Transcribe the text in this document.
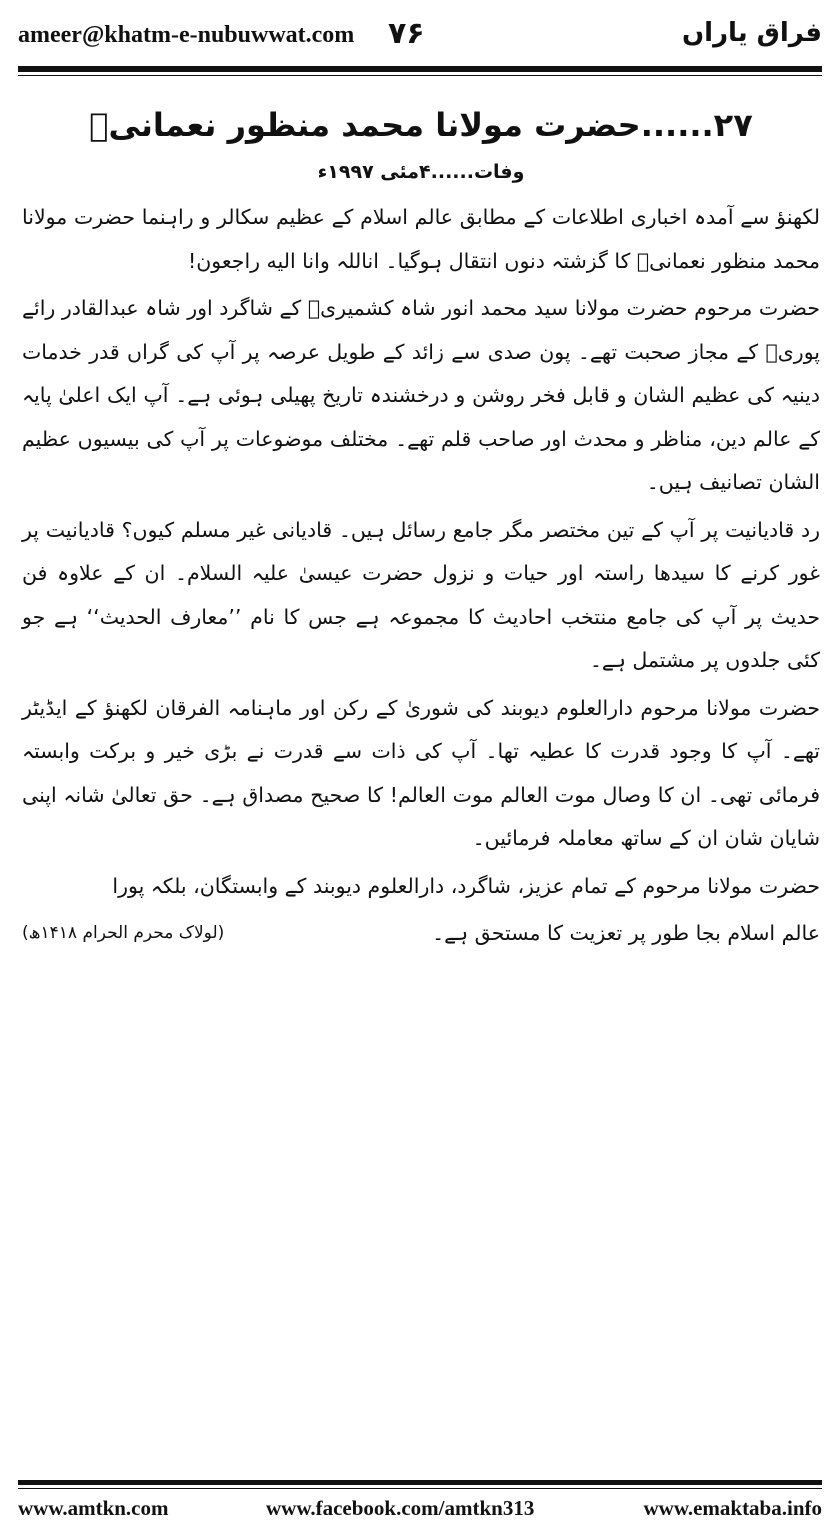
ameer@khatm-e-nubuwwat.com ۷۶	فراق یاراں
۲۷......حضرت مولانا محمد منظور نعمانیؒ
وفات......۴مئی ۱۹۹۷ء

لکھنؤ سے آمدہ اخباری اطلاعات کے مطابق عالم اسلام کے عظیم سکالر و راہنما حضرت مولانا محمد منظور نعمانیؒ کا گزشتہ دنوں انتقال ہوگیا۔ اناللہ وانا الیه راجعون!

حضرت مرحوم حضرت مولانا سید محمد انور شاہ کشمیریؒ کے شاگرد اور شاہ عبدالقادر رائے پوریؒ کے مجاز صحبت تھے۔ پون صدی سے زائد کے طویل عرصہ پر آپ کی گراں قدر خدمات دینیہ کی عظیم الشان و قابل فخر روشن و درخشندہ تاریخ پھیلی ہوئی ہے۔ آپ ایک اعلیٰ پایہ کے عالم دین، مناظر و محدث اور صاحب قلم تھے۔ مختلف موضوعات پر آپ کی بیسیوں عظیم الشان تصانیف ہیں۔

رد قادیانیت پر آپ کے تین مختصر مگر جامع رسائل ہیں۔ قادیانی غیر مسلم کیوں؟ قادیانیت پر غور کرنے کا سیدھا راستہ اور حیات و نزول حضرت عیسیٰ علیہ السلام۔ ان کے علاوہ فن حدیث پر آپ کی جامع منتخب احادیث کا مجموعہ ہے جس کا نام ’’معارف الحدیث‘‘ ہے جو کئی جلدوں پر مشتمل ہے۔

حضرت مولانا مرحوم دارالعلوم دیوبند کی شوریٰ کے رکن اور ماہنامہ الفرقان لکھنؤ کے ایڈیٹر تھے۔ آپ کا وجود قدرت کا عطیہ تھا۔ آپ کی ذات سے قدرت نے بڑی خیر و برکت وابستہ فرمائی تھی۔ ان کا وصال موت العالم موت العالم! کا صحیح مصداق ہے۔ حق تعالیٰ شانہ اپنی شایان شان ان کے ساتھ معاملہ فرمائیں۔

حضرت مولانا مرحوم کے تمام عزیز، شاگرد، دارالعلوم دیوبند کے وابستگان، بلکہ پورا

عالم اسلام بجا طور پر تعزیت کا مستحق ہے۔
(لولاک محرم الحرام ۱۴۱۸ھ)
www.amtkn.com	www.facebook.com/amtkn313	www.emaktaba.info
